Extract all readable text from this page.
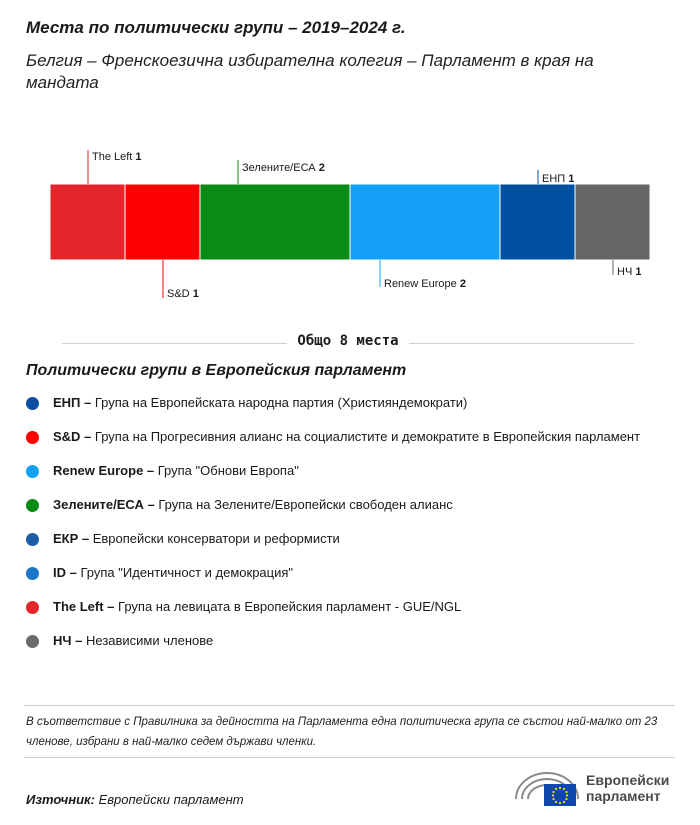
Места по политически групи – 2019–2024 г.
Белгия – Френскоезична избирателна колегия – Парламент в края на мандата
The Left 1
S&D 1
Зелените/ЕСА 2
Renew Europe 2
ЕНП 1
НЧ 1
Общо 8 места
Политически групи в Европейския парламент
ЕНП – Група на Европейската народна партия (Християндемократи)
S&D – Група на Прогресивния алианс на социалистите и демократите в Европейския парламент
Renew Europe – Група "Обнови Европа"
Зелените/ЕСА – Група на Зелените/Европейски свободен алианс
ЕКР – Европейски консерватори и реформисти
ID – Група "Идентичност и демокрация"
The Left – Група на левицата в Европейския парламент - GUE/NGL
НЧ – Независими членове
В съответствие с Правилника за дейността на Парламента една политическа група се състои най-малко от 23 членове, избрани в най-малко седем държави членки.
Източник: Европейски парламент
Европейски
парламент
